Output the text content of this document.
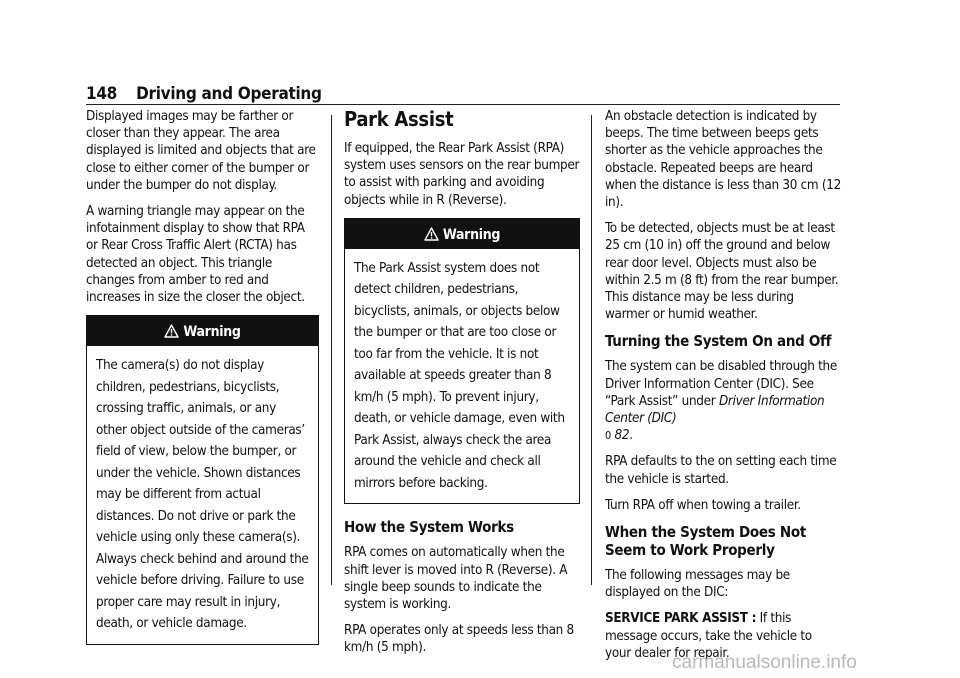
148 Driving and Operating

Displayed images may be farther or closer than they appear. The area displayed is limited and objects that are close to either corner of the bumper or under the bumper do not display.

A warning triangle may appear on the infotainment display to show that RPA or Rear Cross Traffic Alert (RCTA) has detected an object. This triangle changes from amber to red and increases in size the closer the object.

Warning
The camera(s) do not display children, pedestrians, bicyclists, crossing traffic, animals, or any other object outside of the cameras’ field of view, below the bumper, or under the vehicle. Shown distances may be different from actual distances. Do not drive or park the vehicle using only these camera(s). Always check behind and around the vehicle before driving. Failure to use proper care may result in injury, death, or vehicle damage.
Park Assist

If equipped, the Rear Park Assist (RPA) system uses sensors on the rear bumper to assist with parking and avoiding objects while in R (Reverse).

Warning
The Park Assist system does not detect children, pedestrians, bicyclists, animals, or objects below the bumper or that are too close or too far from the vehicle. It is not available at speeds greater than 8 km/h (5 mph). To prevent injury, death, or vehicle damage, even with Park Assist, always check the area around the vehicle and check all mirrors before backing.
How the System Works

RPA comes on automatically when the shift lever is moved into R (Reverse). A single beep sounds to indicate the system is working.

RPA operates only at speeds less than 8 km/h (5 mph).

An obstacle detection is indicated by beeps. The time between beeps gets shorter as the vehicle approaches the obstacle. Repeated beeps are heard when the distance is less than 30 cm (12 in).

To be detected, objects must be at least 25 cm (10 in) off the ground and below rear door level. Objects must also be within 2.5 m (8 ft) from the rear bumper. This distance may be less during warmer or humid weather.

Turning the System On and Off

The system can be disabled through the Driver Information Center (DIC). See “Park Assist” under Driver Information Center (DIC)
0 82.

RPA defaults to the on setting each time the vehicle is started.

Turn RPA off when towing a trailer.

When the System Does Not Seem to Work Properly

The following messages may be displayed on the DIC:

SERVICE PARK ASSIST : If this message occurs, take the vehicle to your dealer for repair.

carmanualsonline.info
